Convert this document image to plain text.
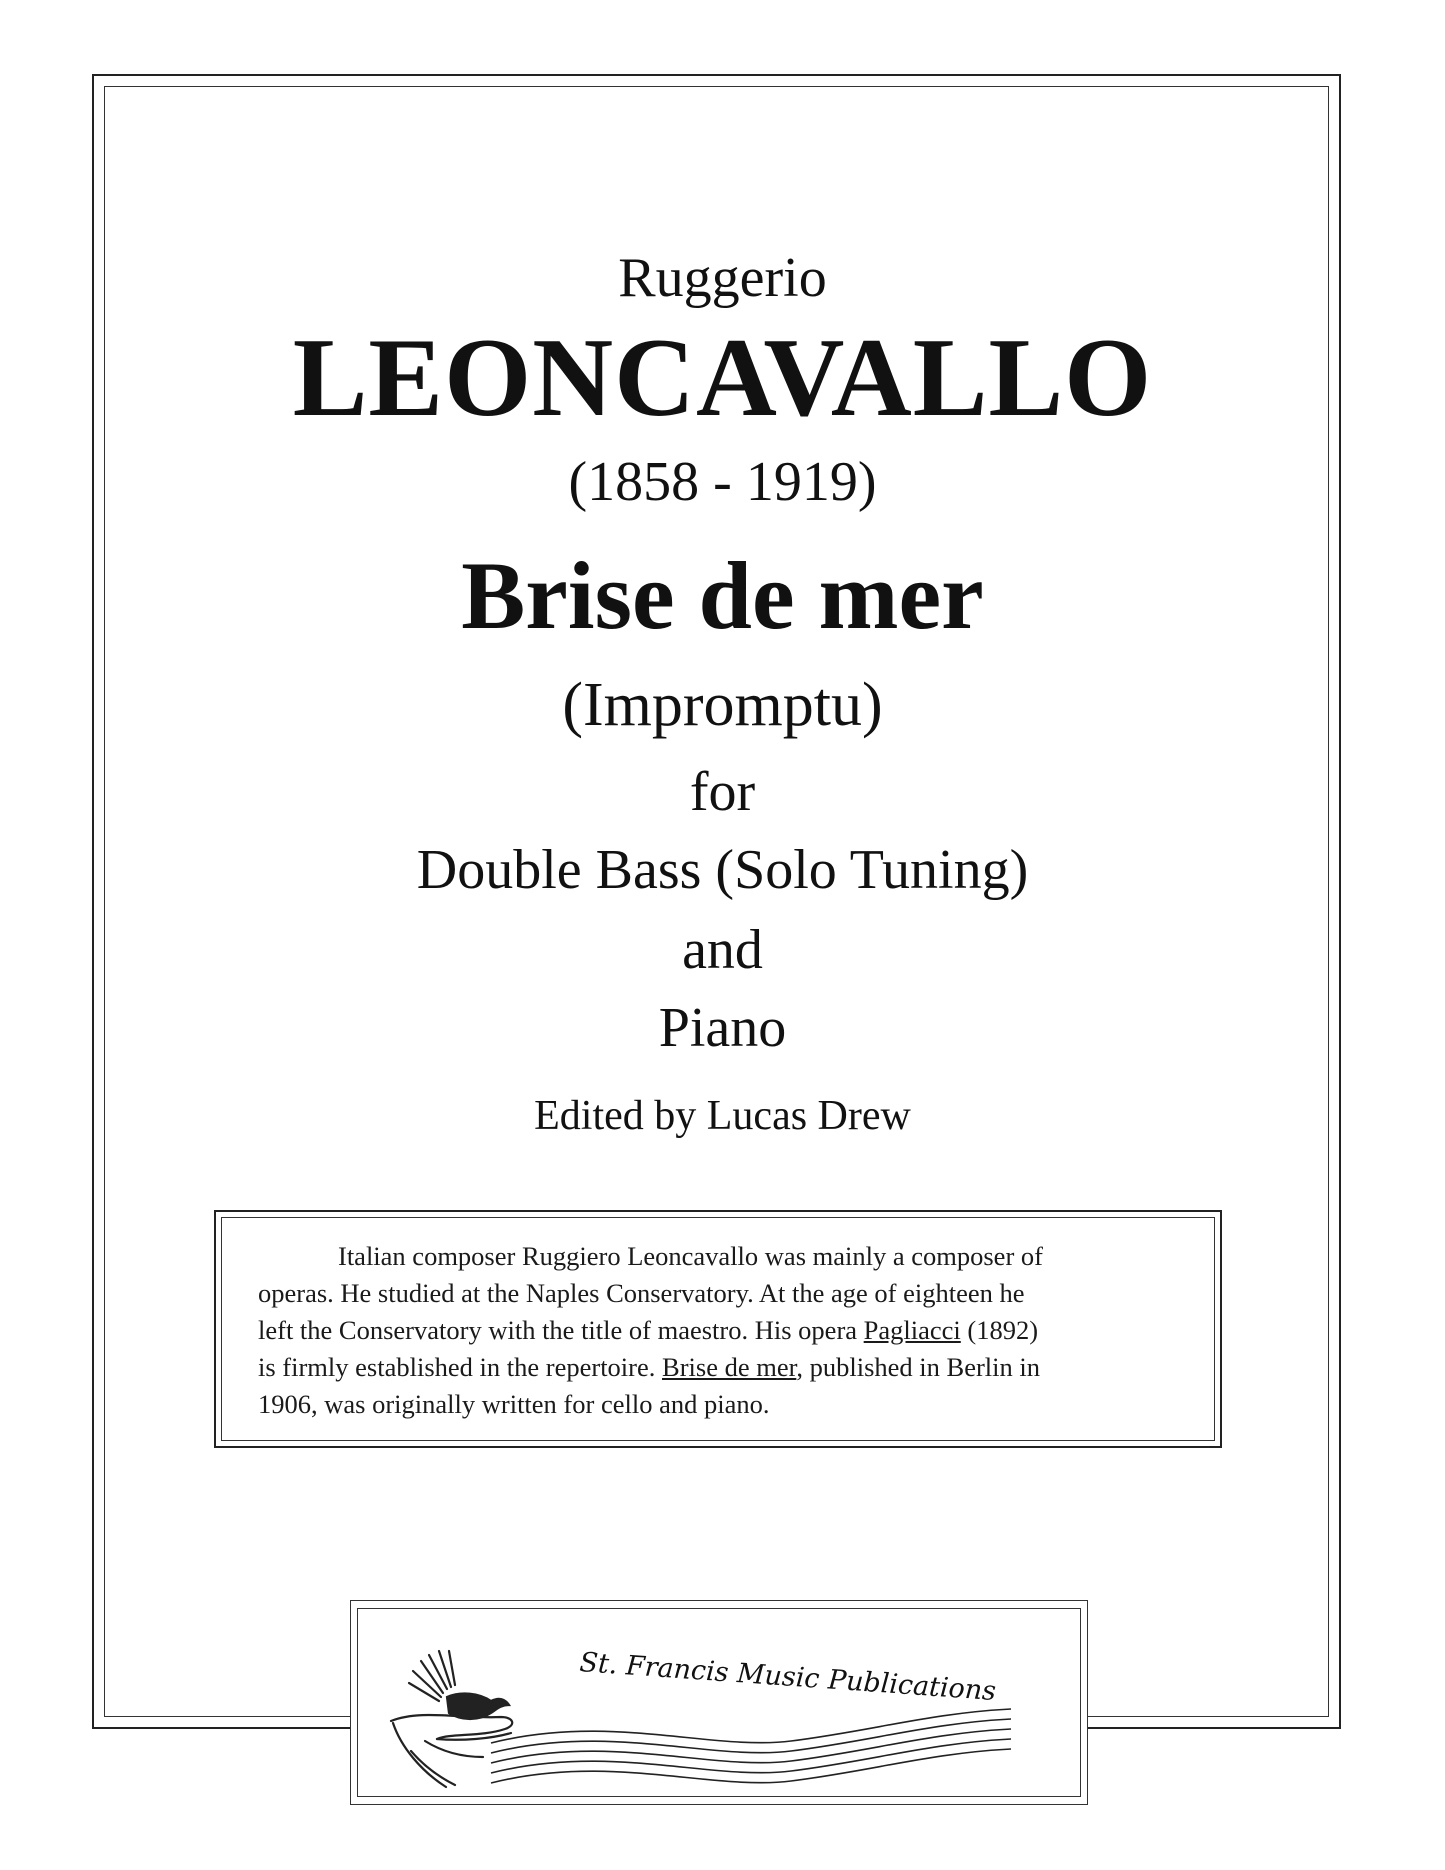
Ruggerio
LEONCAVALLO
(1858 - 1919)
Brise de mer
(Impromptu)
for
Double Bass (Solo Tuning)
and
Piano
Edited by Lucas Drew
Italian composer Ruggiero Leoncavallo was mainly a composer of
operas. He studied at the Naples Conservatory. At the age of eighteen he
left the Conservatory with the title of maestro. His opera Pagliacci (1892)
is firmly established in the repertoire. Brise de mer, published in Berlin in
1906, was originally written for cello and piano.
St. Francis Music Publications
